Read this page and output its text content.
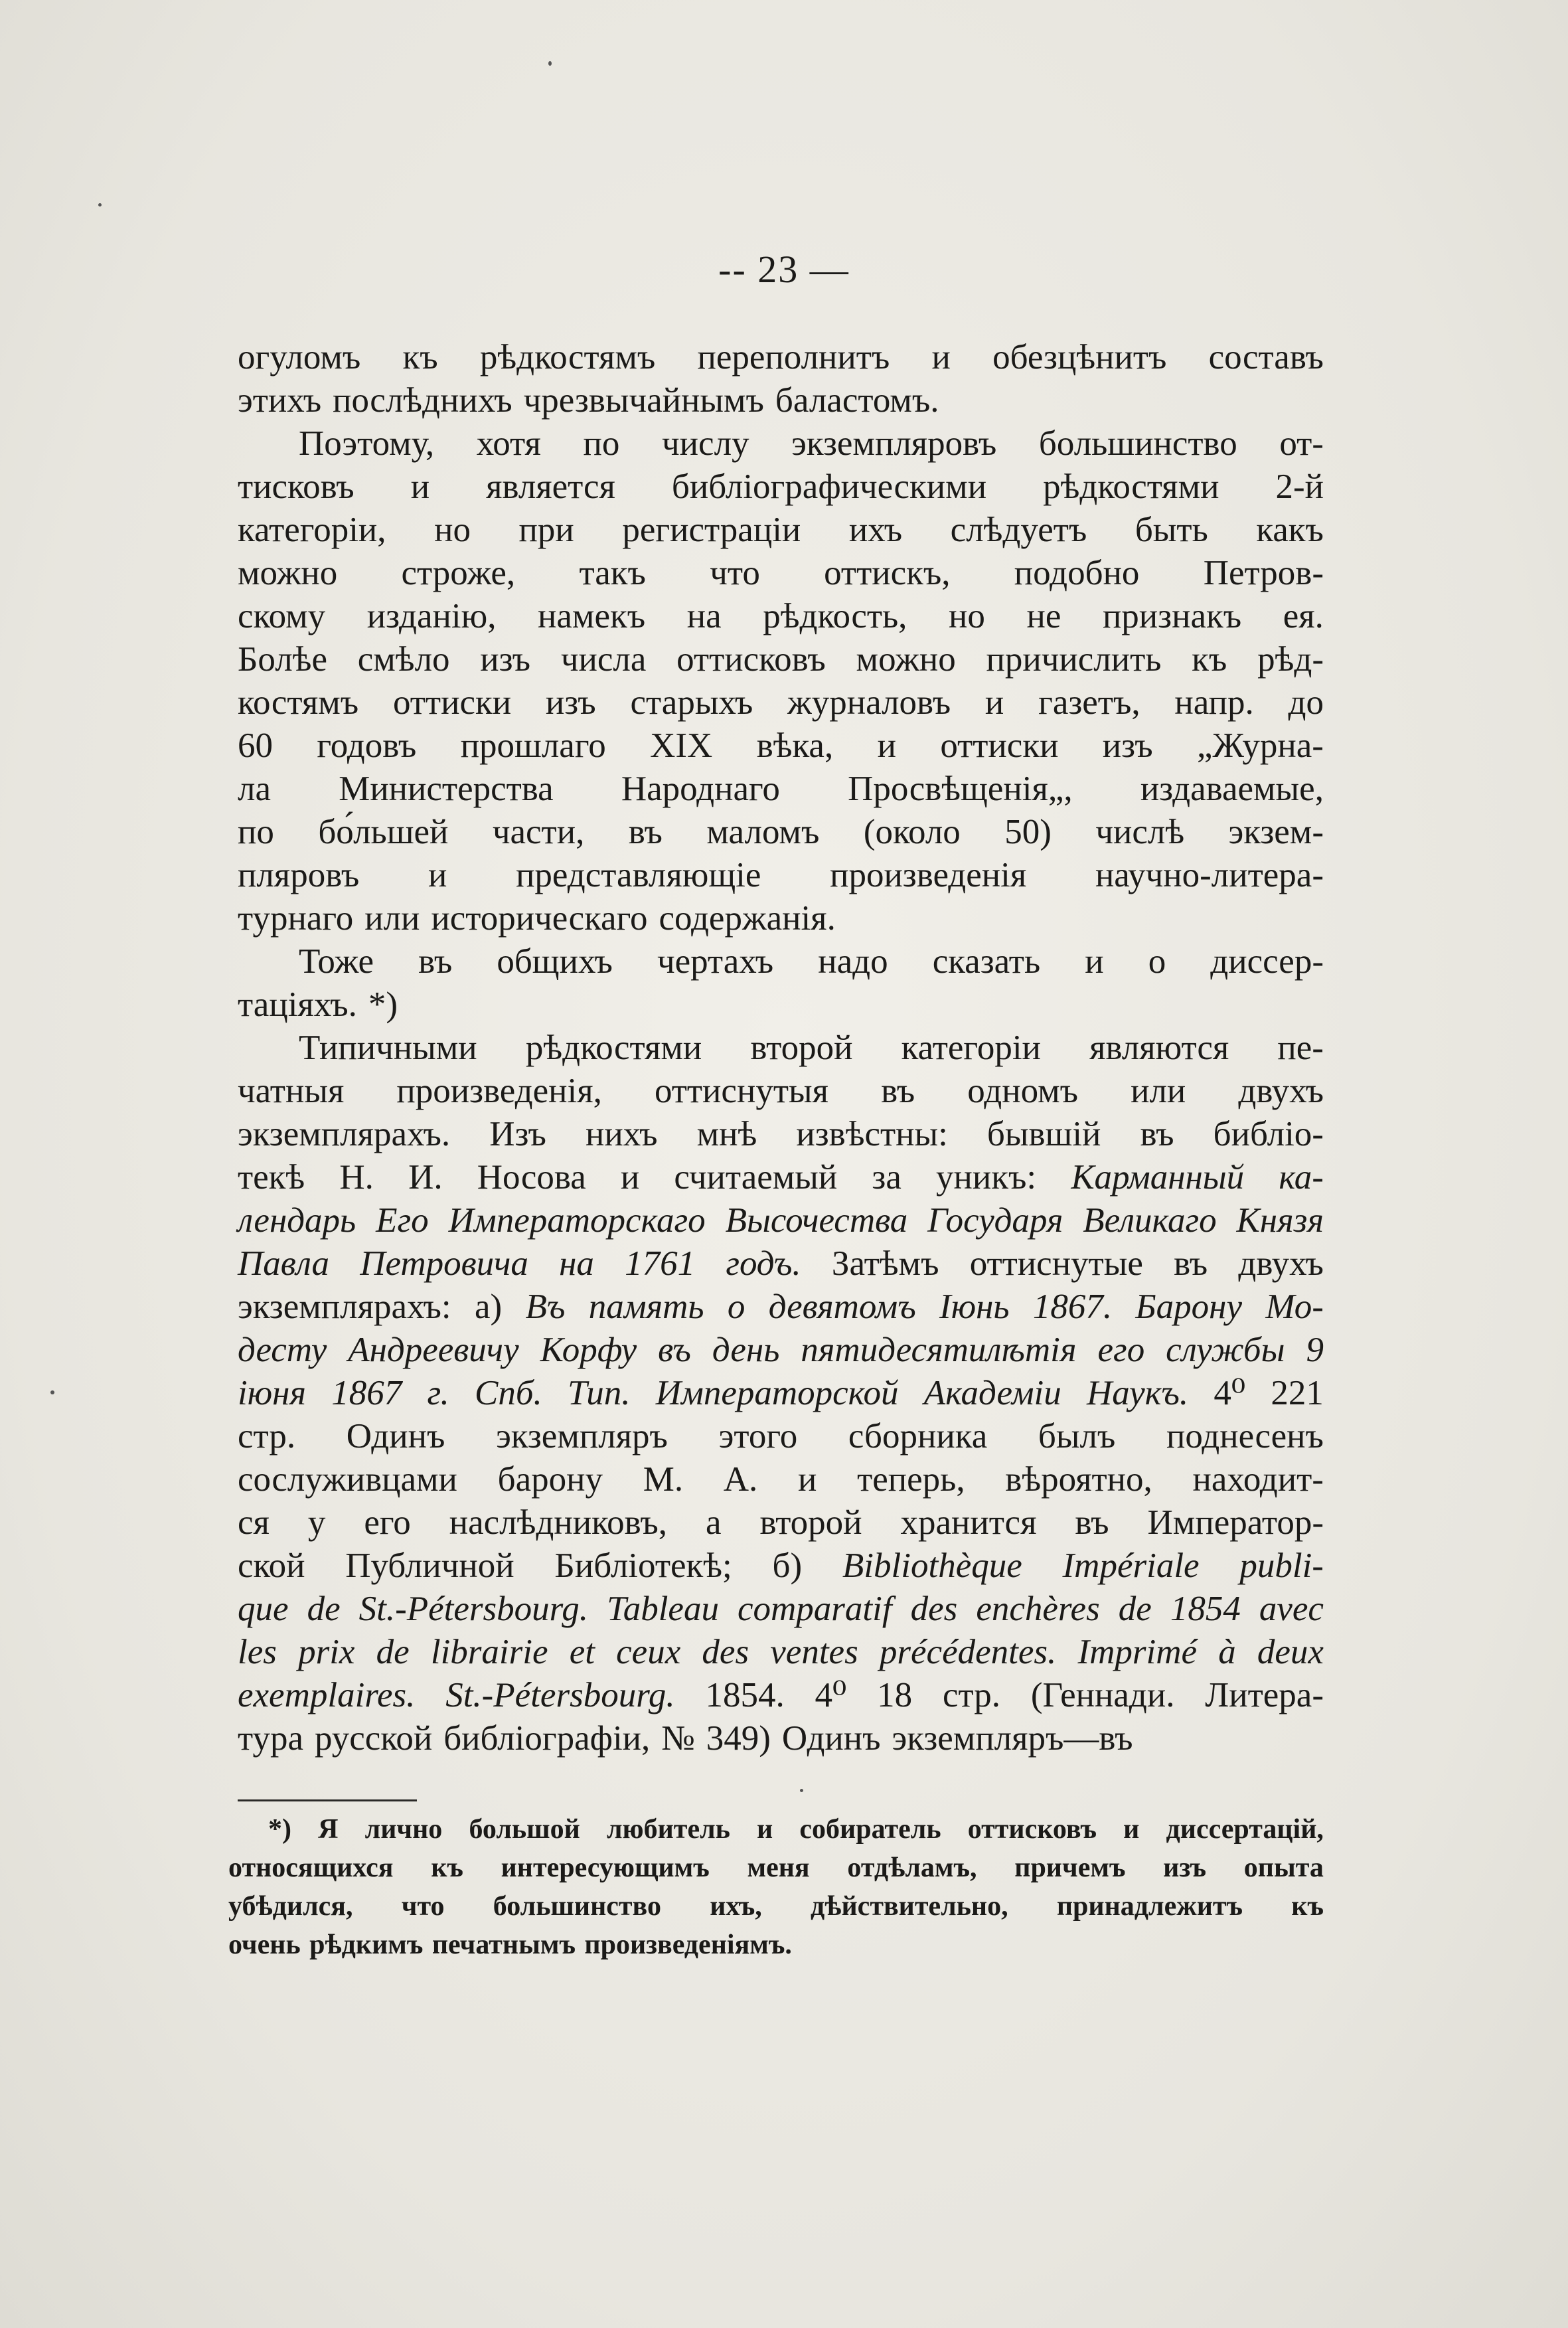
-- 23 —
огуломъ къ рѣдкостямъ переполнитъ и обезцѣнитъ составъ
этихъ послѣднихъ чрезвычайнымъ баластомъ.
Поэтому, хотя по числу экземпляровъ большинство от-
тисковъ и является библіографическими рѣдкостями 2-й
категоріи, но при регистраціи ихъ слѣдуетъ быть какъ
можно строже, такъ что оттискъ, подобно Петров-
скому изданію, намекъ на рѣдкость, но не признакъ ея.
Болѣе смѣло изъ числа оттисковъ можно причислить къ рѣд-
костямъ оттиски изъ старыхъ журналовъ и газетъ, напр. до
60 годовъ прошлаго XIX вѣка, и оттиски изъ „Журна-
ла Министерства Народнаго Просвѣщенія„, издаваемые,
по бо́льшей части, въ маломъ (около 50) числѣ экзем-
пляровъ и представляющіе произведенія научно-литера-
турнаго или историческаго содержанія.
Тоже въ общихъ чертахъ надо сказать и о диссер-
таціяхъ. *)
Типичными рѣдкостями второй категоріи являются пе-
чатныя произведенія, оттиснутыя въ одномъ или двухъ
экземплярахъ. Изъ нихъ мнѣ извѣстны: бывшій въ библіо-
текѣ Н. И. Носова и считаемый за уникъ: Карманный ка-
лендарь Его Императорскаго Высочества Государя Великаго Князя
Павла Петровича на 1761 годъ. Затѣмъ оттиснутые въ двухъ
экземплярахъ: а) Въ память о девятомъ Іюнь 1867. Барону Мо-
десту Андреевичу Корфу въ день пятидесятилѣтія его службы 9
іюня 1867 г. Спб. Тип. Императорской Академіи Наукъ. 4⁰ 221
стр. Одинъ экземпляръ этого сборника былъ поднесенъ
сослуживцами барону М. А. и теперь, вѣроятно, находит-
ся у его наслѣдниковъ, а второй хранится въ Император-
ской Публичной Библіотекѣ; б) Bibliothèque Impériale publi-
que de St.-Pétersbourg. Tableau comparatif des enchères de 1854 avec
les prix de librairie et ceux des ventes précédentes. Imprimé à deux
exemplaires. St.-Pétersbourg. 1854. 4⁰ 18 стр. (Геннади. Литера-
тура русской библіографіи, № 349) Одинъ экземпляръ—въ
*) Я лично большой любитель и собиратель оттисковъ и диссертацій,
относящихся къ интересующимъ меня отдѣламъ, причемъ изъ опыта
убѣдился, что большинство ихъ, дѣйствительно, принадлежитъ къ
очень рѣдкимъ печатнымъ произведеніямъ.
